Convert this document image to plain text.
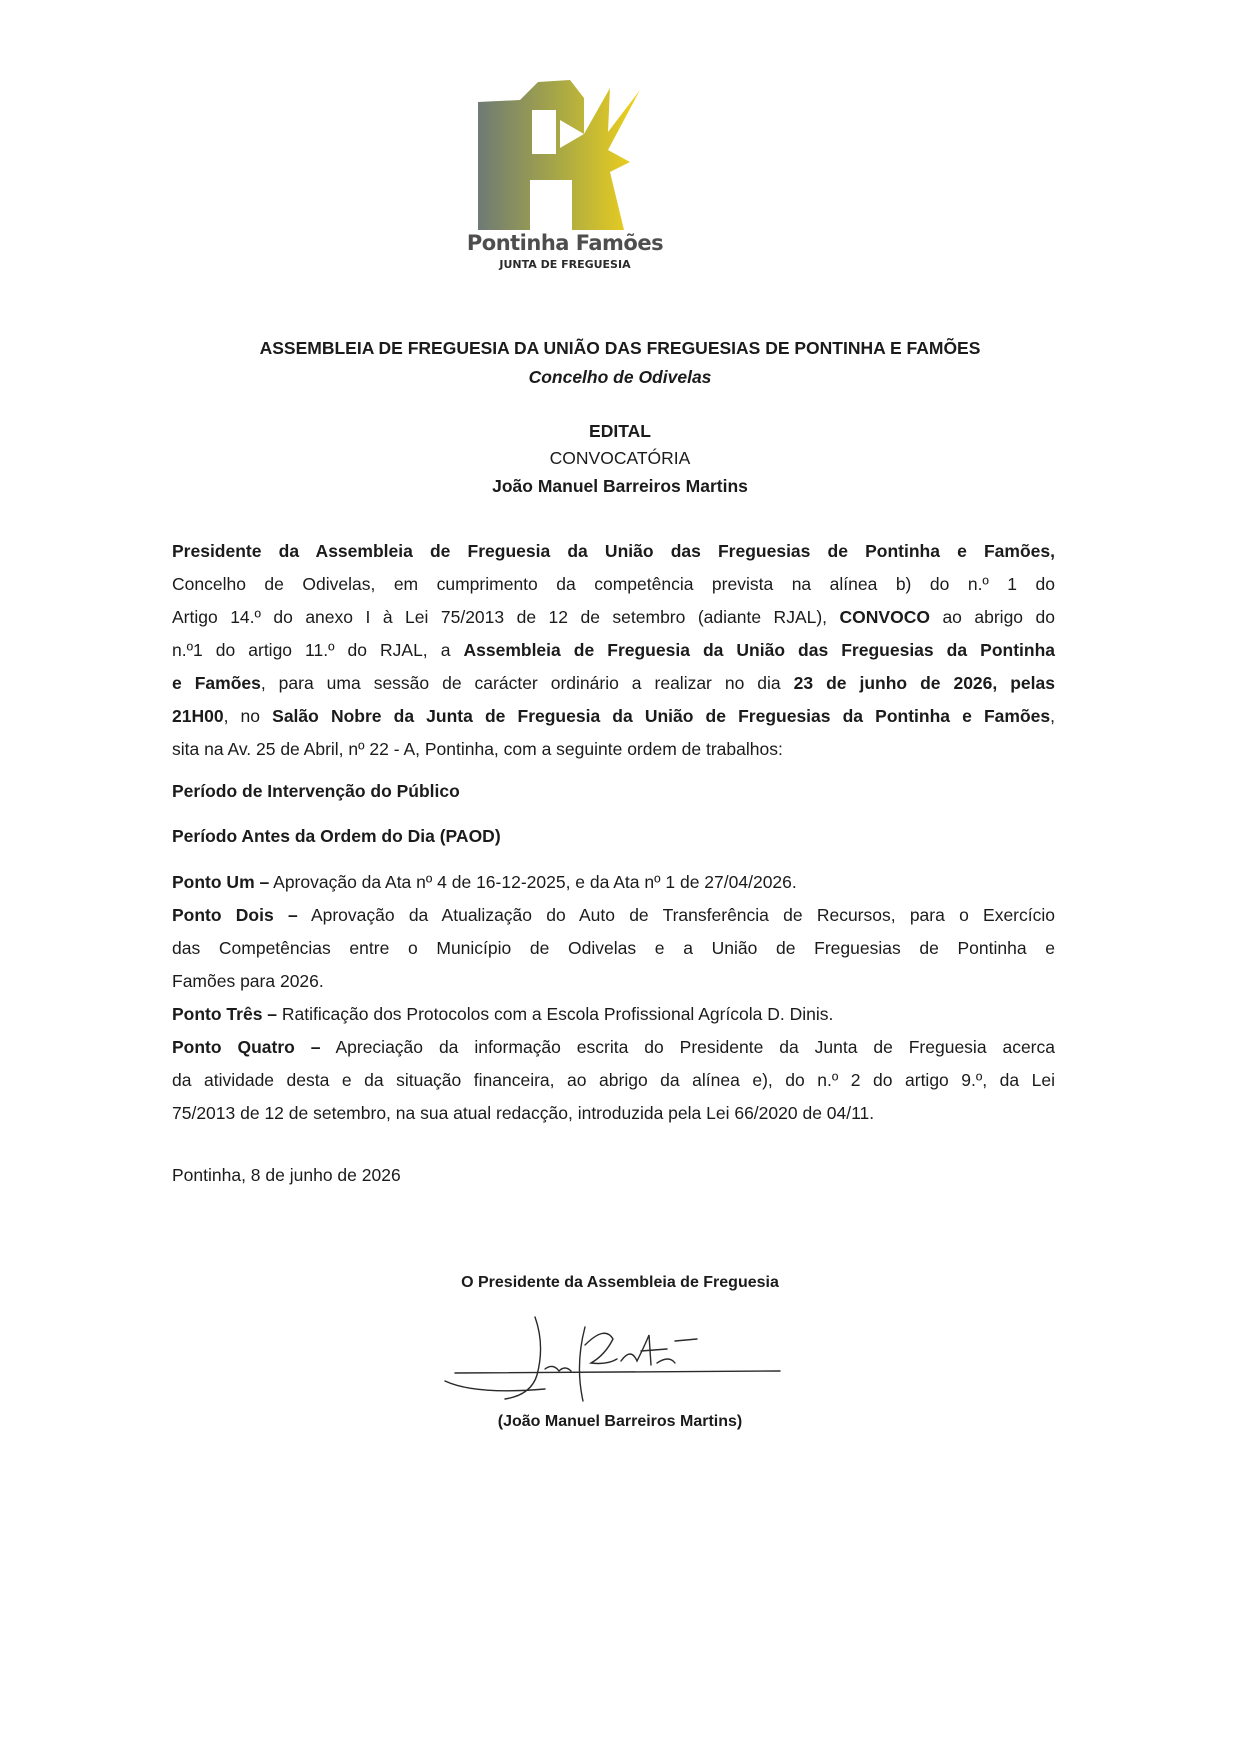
Pontinha Famões
JUNTA DE FREGUESIA
ASSEMBLEIA DE FREGUESIA DA UNIÃO DAS FREGUESIAS DE PONTINHA E FAMÕES
Concelho de Odivelas
EDITAL
CONVOCATÓRIA
João Manuel Barreiros Martins
Presidente da Assembleia de Freguesia da União das Freguesias de Pontinha e Famões,
Concelho de Odivelas, em cumprimento da competência prevista na alínea b) do n.º 1 do
Artigo 14.º do anexo I à Lei 75/2013 de 12 de setembro (adiante RJAL), CONVOCO ao abrigo do
n.º1 do artigo 11.º do RJAL, a Assembleia de Freguesia da União das Freguesias da Pontinha
e Famões, para uma sessão de carácter ordinário a realizar no dia 23 de junho de 2026, pelas
21H00, no Salão Nobre da Junta de Freguesia da União de Freguesias da Pontinha e Famões,
sita na Av. 25 de Abril, nº 22 - A, Pontinha, com a seguinte ordem de trabalhos:
Período de Intervenção do Público
Período Antes da Ordem do Dia (PAOD)
Ponto Um – Aprovação da Ata nº 4 de 16-12-2025, e da Ata nº 1 de 27/04/2026.
Ponto Dois – Aprovação da Atualização do Auto de Transferência de Recursos, para o Exercício
das Competências entre o Município de Odivelas e a União de Freguesias de Pontinha e
Famões para 2026.
Ponto Três – Ratificação dos Protocolos com a Escola Profissional Agrícola D. Dinis.
Ponto Quatro – Apreciação da informação escrita do Presidente da Junta de Freguesia acerca
da atividade desta e da situação financeira, ao abrigo da alínea e), do n.º 2 do artigo 9.º, da Lei
75/2013 de 12 de setembro, na sua atual redacção, introduzida pela Lei 66/2020 de 04/11.
Pontinha, 8 de junho de 2026
O Presidente da Assembleia de Freguesia
(João Manuel Barreiros Martins)
